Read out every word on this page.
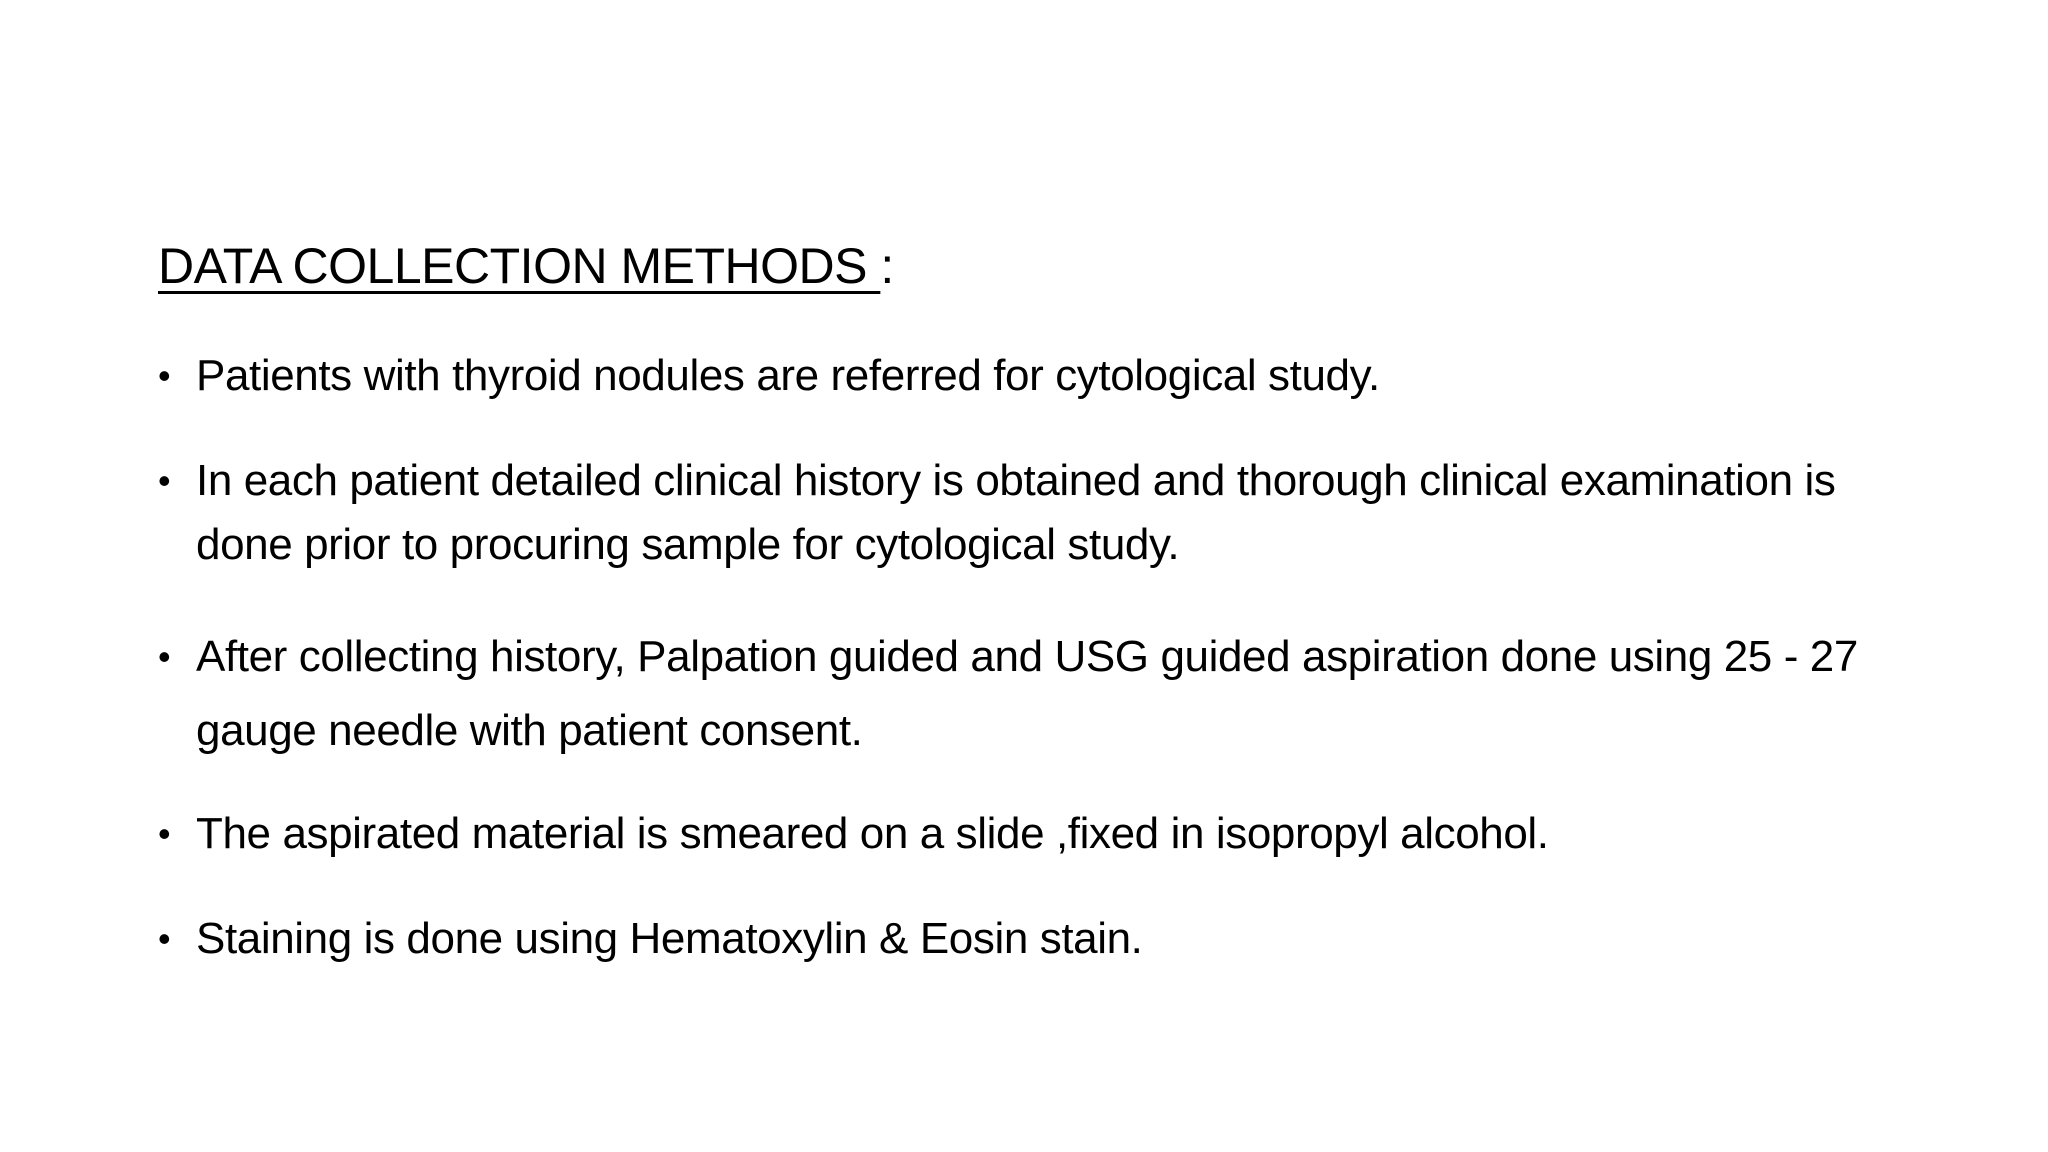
DATA COLLECTION METHODS :
• Patients with thyroid nodules are referred for cytological study.
• In each patient detailed clinical history is obtained and thorough clinical examination is done prior to procuring sample for cytological study.
• After collecting history, Palpation guided and USG guided aspiration done using 25 - 27 gauge needle with patient consent.
• The aspirated material is smeared on a slide ,fixed in isopropyl alcohol.
• Staining is done using Hematoxylin & Eosin stain.
